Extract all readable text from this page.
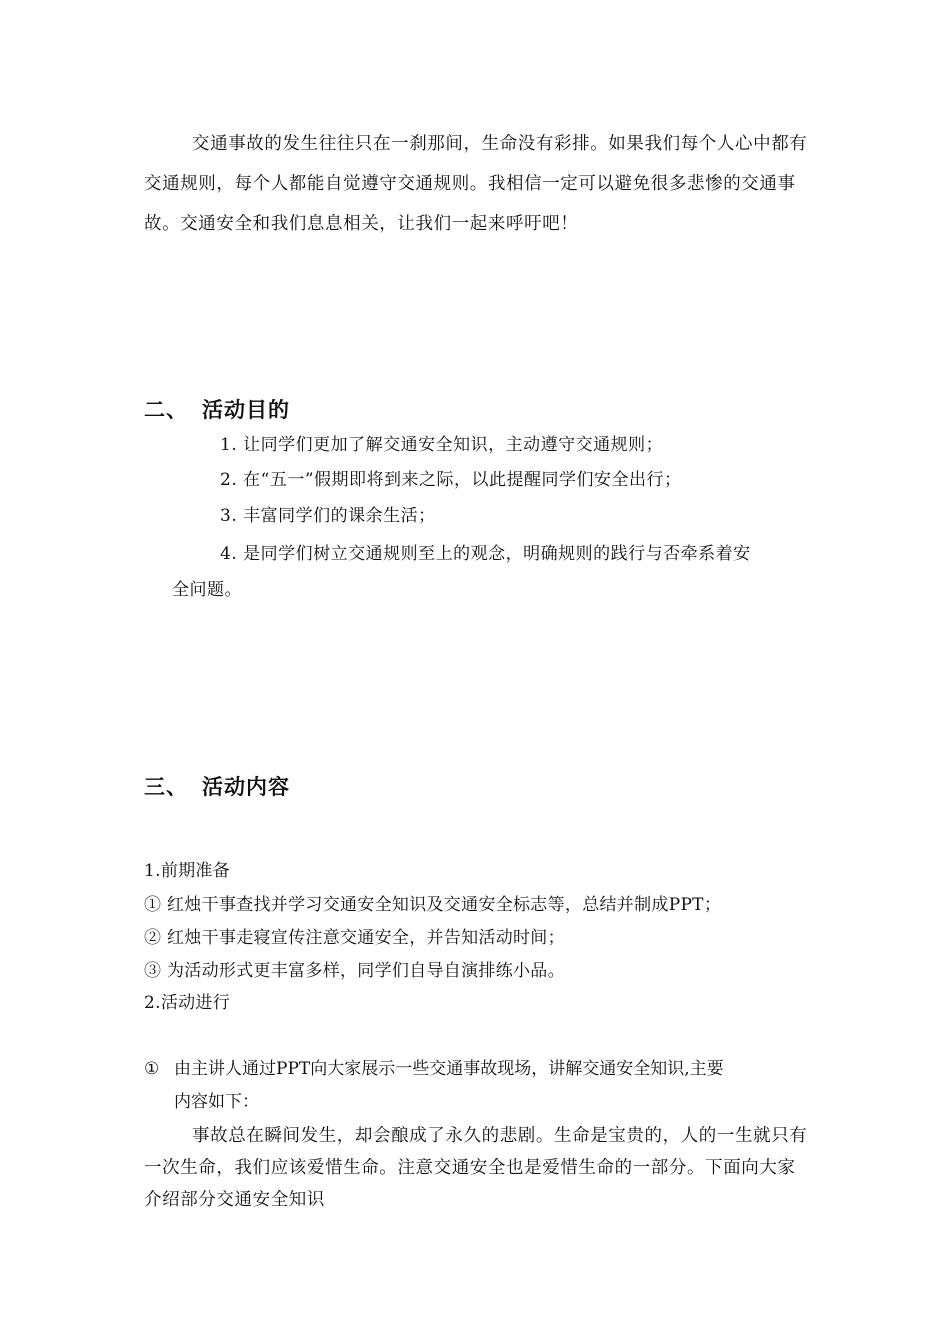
交通事故的发生往往只在一刹那间，生命没有彩排。如果我们每个人心中都有交通规则，每个人都能自觉遵守交通规则。我相信一定可以避免很多悲惨的交通事故。交通安全和我们息息相关，让我们一起来呼吁吧！

二、 活动目的

1. 让同学们更加了解交通安全知识，主动遵守交通规则；

2. 在“五一”假期即将到来之际，以此提醒同学们安全出行；

3. 丰富同学们的课余生活；

4. 是同学们树立交通规则至上的观念，明确规则的践行与否牵系着安

全问题。

三、 活动内容

1.前期准备

① 红烛干事查找并学习交通安全知识及交通安全标志等，总结并制成PPT；

② 红烛干事走寝宣传注意交通安全，并告知活动时间；

③ 为活动形式更丰富多样，同学们自导自演排练小品。

2.活动进行

① 由主讲人通过PPT向大家展示一些交通事故现场，讲解交通安全知识,主要

内容如下：

事故总在瞬间发生，却会酿成了永久的悲剧。生命是宝贵的，人的一生就只有一次生命，我们应该爱惜生命。注意交通安全也是爱惜生命的一部分。下面向大家介绍部分交通安全知识
